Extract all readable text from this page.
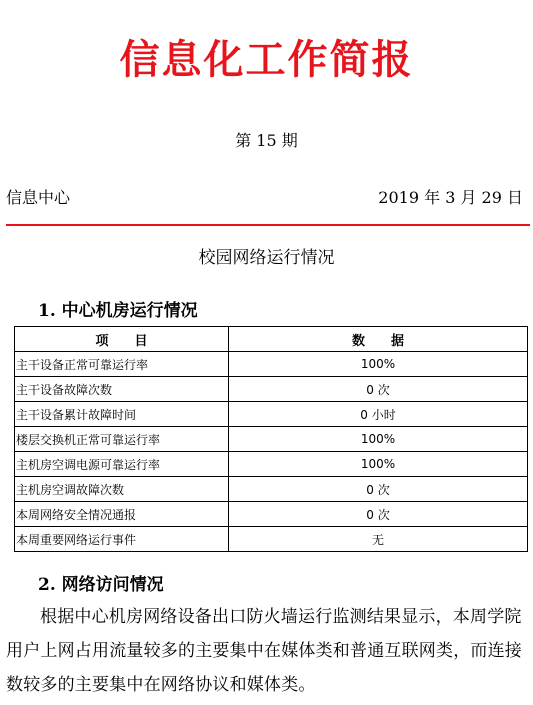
信息化工作简报
第 15 期
信息中心	2019 年 3 月 29 日
校园网络运行情况
1. 中心机房运行情况
项　　目	数　　据
主干设备正常可靠运行率	100%
主干设备故障次数	0 次
主干设备累计故障时间	0 小时
楼层交换机正常可靠运行率	100%
主机房空调电源可靠运行率	100%
主机房空调故障次数	0 次
本周网络安全情况通报	0 次
本周重要网络运行事件	无
2. 网络访问情况
根据中心机房网络设备出口防火墙运行监测结果显示，本周学院用户上网占用流量较多的主要集中在媒体类和普通互联网类，而连接数较多的主要集中在网络协议和媒体类。
